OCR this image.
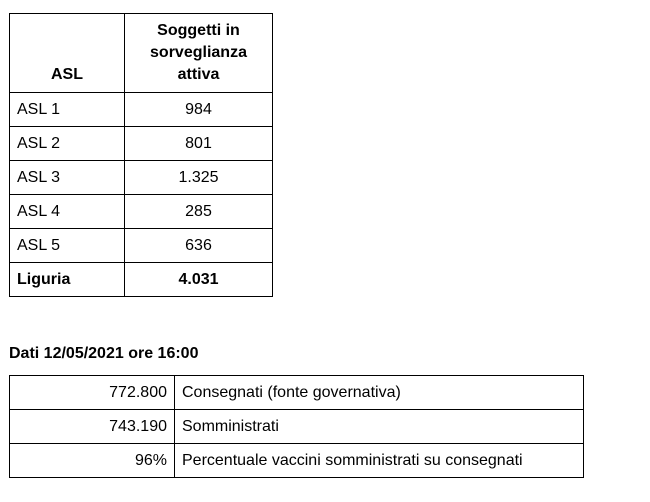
ASL	Soggetti in
sorveglianza
attiva
ASL 1	984
ASL 2	801
ASL 3	1.325
ASL 4	285
ASL 5	636
Liguria	4.031
Dati 12/05/2021 ore 16:00
772.800	Consegnati (fonte governativa)
743.190	Somministrati
96%	Percentuale vaccini somministrati su consegnati
